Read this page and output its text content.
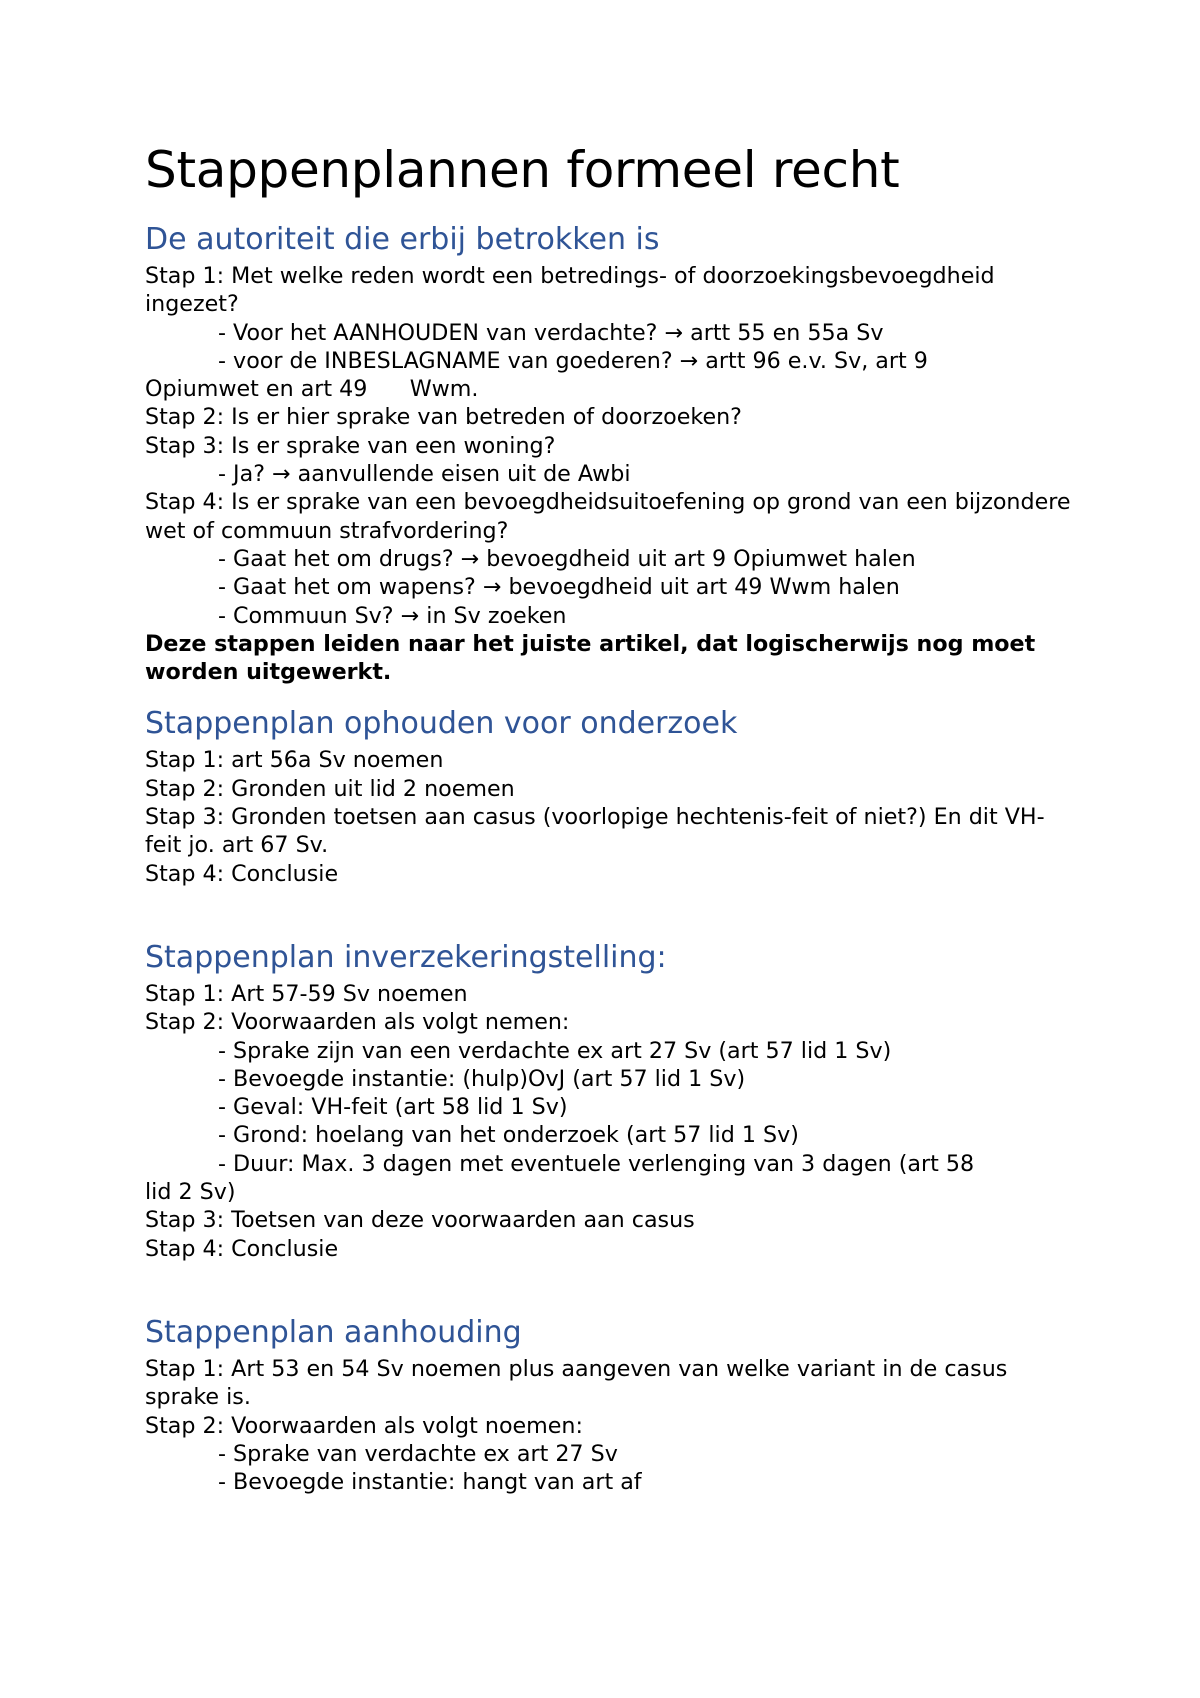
Stappenplannen formeel recht
De autoriteit die erbij betrokken is
Stap 1: Met welke reden wordt een betredings- of doorzoekingsbevoegdheid ingezet?
- Voor het AANHOUDEN van verdachte? → artt 55 en 55a Sv
- voor de INBESLAGNAME van goederen? → artt 96 e.v. Sv, art 9
Opiumwet en art 49      Wwm.
Stap 2: Is er hier sprake van betreden of doorzoeken?
Stap 3: Is er sprake van een woning?
- Ja? → aanvullende eisen uit de Awbi
Stap 4: Is er sprake van een bevoegdheidsuitoefening op grond van een bijzondere wet of commuun strafvordering?
- Gaat het om drugs? → bevoegdheid uit art 9 Opiumwet halen
- Gaat het om wapens? → bevoegdheid uit art 49 Wwm halen
- Commuun Sv? → in Sv zoeken
Deze stappen leiden naar het juiste artikel, dat logischerwijs nog moet worden uitgewerkt.
Stappenplan ophouden voor onderzoek
Stap 1: art 56a Sv noemen
Stap 2: Gronden uit lid 2 noemen
Stap 3: Gronden toetsen aan casus (voorlopige hechtenis-feit of niet?) En dit VH-feit jo. art 67 Sv.
Stap 4: Conclusie
Stappenplan inverzekeringstelling:
Stap 1: Art 57-59 Sv noemen
Stap 2: Voorwaarden als volgt nemen:
- Sprake zijn van een verdachte ex art 27 Sv (art 57 lid 1 Sv)
- Bevoegde instantie: (hulp)OvJ (art 57 lid 1 Sv)
- Geval: VH-feit (art 58 lid 1 Sv)
- Grond: hoelang van het onderzoek (art 57 lid 1 Sv)
- Duur: Max. 3 dagen met eventuele verlenging van 3 dagen (art 58
lid 2 Sv)
Stap 3: Toetsen van deze voorwaarden aan casus
Stap 4: Conclusie
Stappenplan aanhouding
Stap 1: Art 53 en 54 Sv noemen plus aangeven van welke variant in de casus sprake is.
Stap 2: Voorwaarden als volgt noemen:
- Sprake van verdachte ex art 27 Sv
- Bevoegde instantie: hangt van art af
